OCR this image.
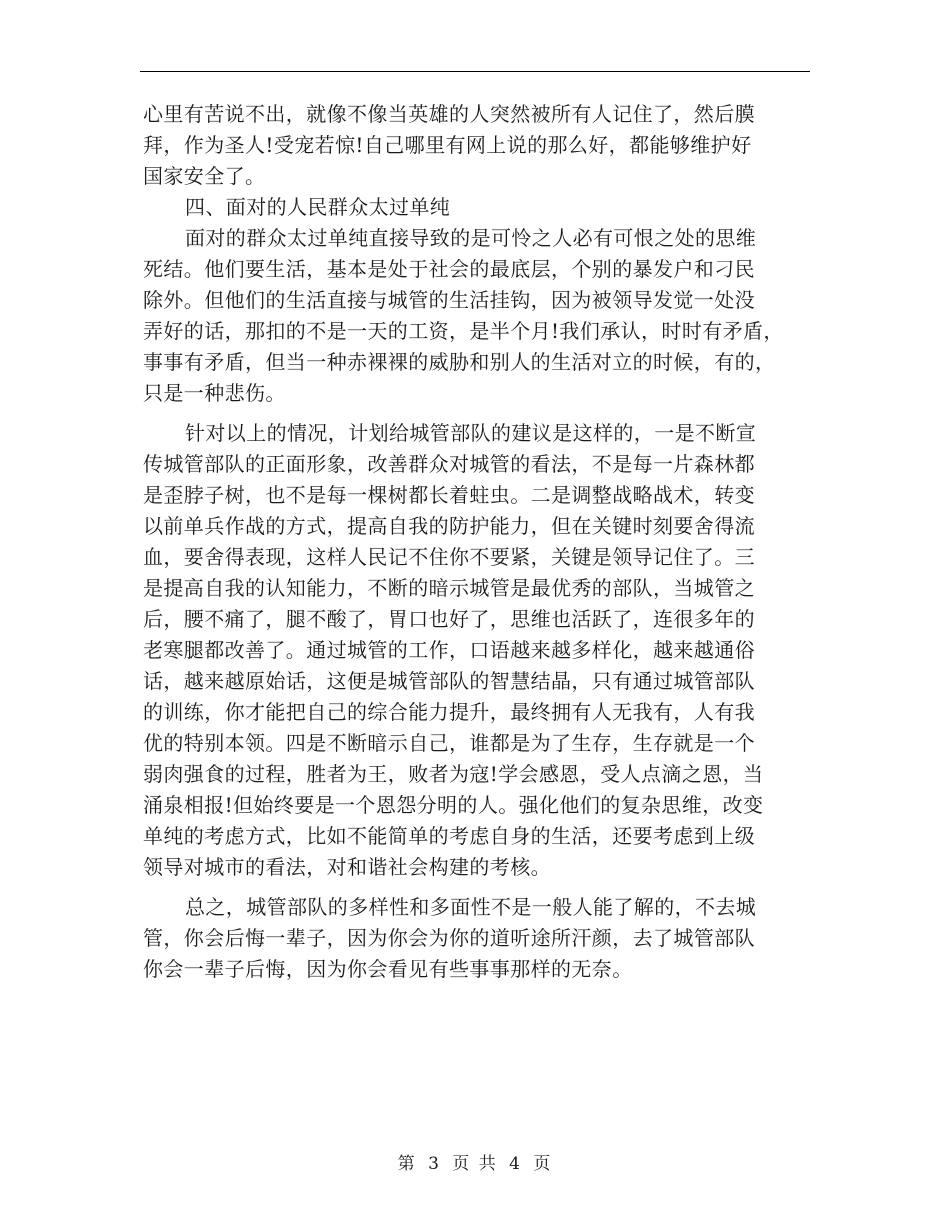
心里有苦说不出，就像不像当英雄的人突然被所有人记住了，然后膜
拜，作为圣人!受宠若惊!自己哪里有网上说的那么好，都能够维护好
国家安全了。
四、面对的人民群众太过单纯
面对的群众太过单纯直接导致的是可怜之人必有可恨之处的思维
死结。他们要生活，基本是处于社会的最底层，个别的暴发户和刁民
除外。但他们的生活直接与城管的生活挂钩，因为被领导发觉一处没
弄好的话，那扣的不是一天的工资，是半个月!我们承认，时时有矛盾，
事事有矛盾，但当一种赤裸裸的威胁和别人的生活对立的时候，有的，
只是一种悲伤。
针对以上的情况，计划给城管部队的建议是这样的，一是不断宣
传城管部队的正面形象，改善群众对城管的看法，不是每一片森林都
是歪脖子树，也不是每一棵树都长着蛀虫。二是调整战略战术，转变
以前单兵作战的方式，提高自我的防护能力，但在关键时刻要舍得流
血，要舍得表现，这样人民记不住你不要紧，关键是领导记住了。三
是提高自我的认知能力，不断的暗示城管是最优秀的部队，当城管之
后，腰不痛了，腿不酸了，胃口也好了，思维也活跃了，连很多年的
老寒腿都改善了。通过城管的工作，口语越来越多样化，越来越通俗
话，越来越原始话，这便是城管部队的智慧结晶，只有通过城管部队
的训练，你才能把自己的综合能力提升，最终拥有人无我有，人有我
优的特别本领。四是不断暗示自己，谁都是为了生存，生存就是一个
弱肉强食的过程，胜者为王，败者为寇!学会感恩，受人点滴之恩，当
涌泉相报!但始终要是一个恩怨分明的人。强化他们的复杂思维，改变
单纯的考虑方式，比如不能简单的考虑自身的生活，还要考虑到上级
领导对城市的看法，对和谐社会构建的考核。
总之，城管部队的多样性和多面性不是一般人能了解的，不去城
管，你会后悔一辈子，因为你会为你的道听途所汗颜，去了城管部队
你会一辈子后悔，因为你会看见有些事事那样的无奈。
第 3 页 共 4 页
